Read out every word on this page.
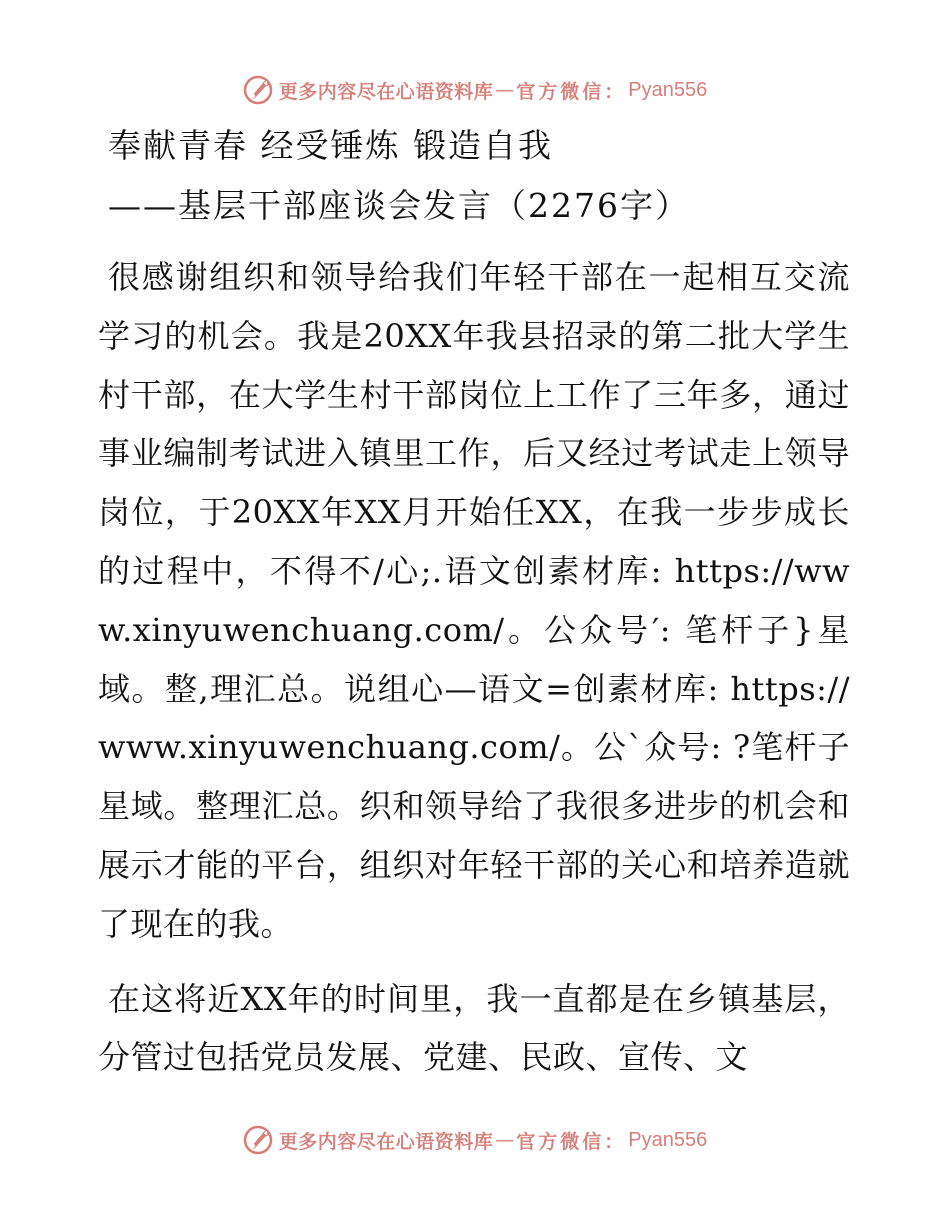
更多内容尽在心语资料库 — 官方微信： Pyan556
奉献青春 经受锤炼 锻造自我
——基层干部座谈会发言（2276字）

很感谢组织和领导给我们年轻干部在一起相互交流学习的机会。我是20XX年我县招录的第二批大学生村干部，在大学生村干部岗位上工作了三年多，通过事业编制考试进入镇里工作，后又经过考试走上领导岗位，于20XX年XX月开始任XX，在我一步步成长的过程中，不得不/心;.语文创素材库: https://www.xinyuwenchuang.com/。公众号′: 笔杆子}星域。整,理汇总。说组心—语文=创素材库: https://www.xinyuwenchuang.com/。公`众号: ?笔杆子星域。整理汇总。织和领导给了我很多进步的机会和展示才能的平台，组织对年轻干部的关心和培养造就了现在的我。

在这将近XX年的时间里，我一直都是在乡镇基层，分管过包括党员发展、党建、民政、宣传、文

更多内容尽在心语资料库 — 官方微信： Pyan556
